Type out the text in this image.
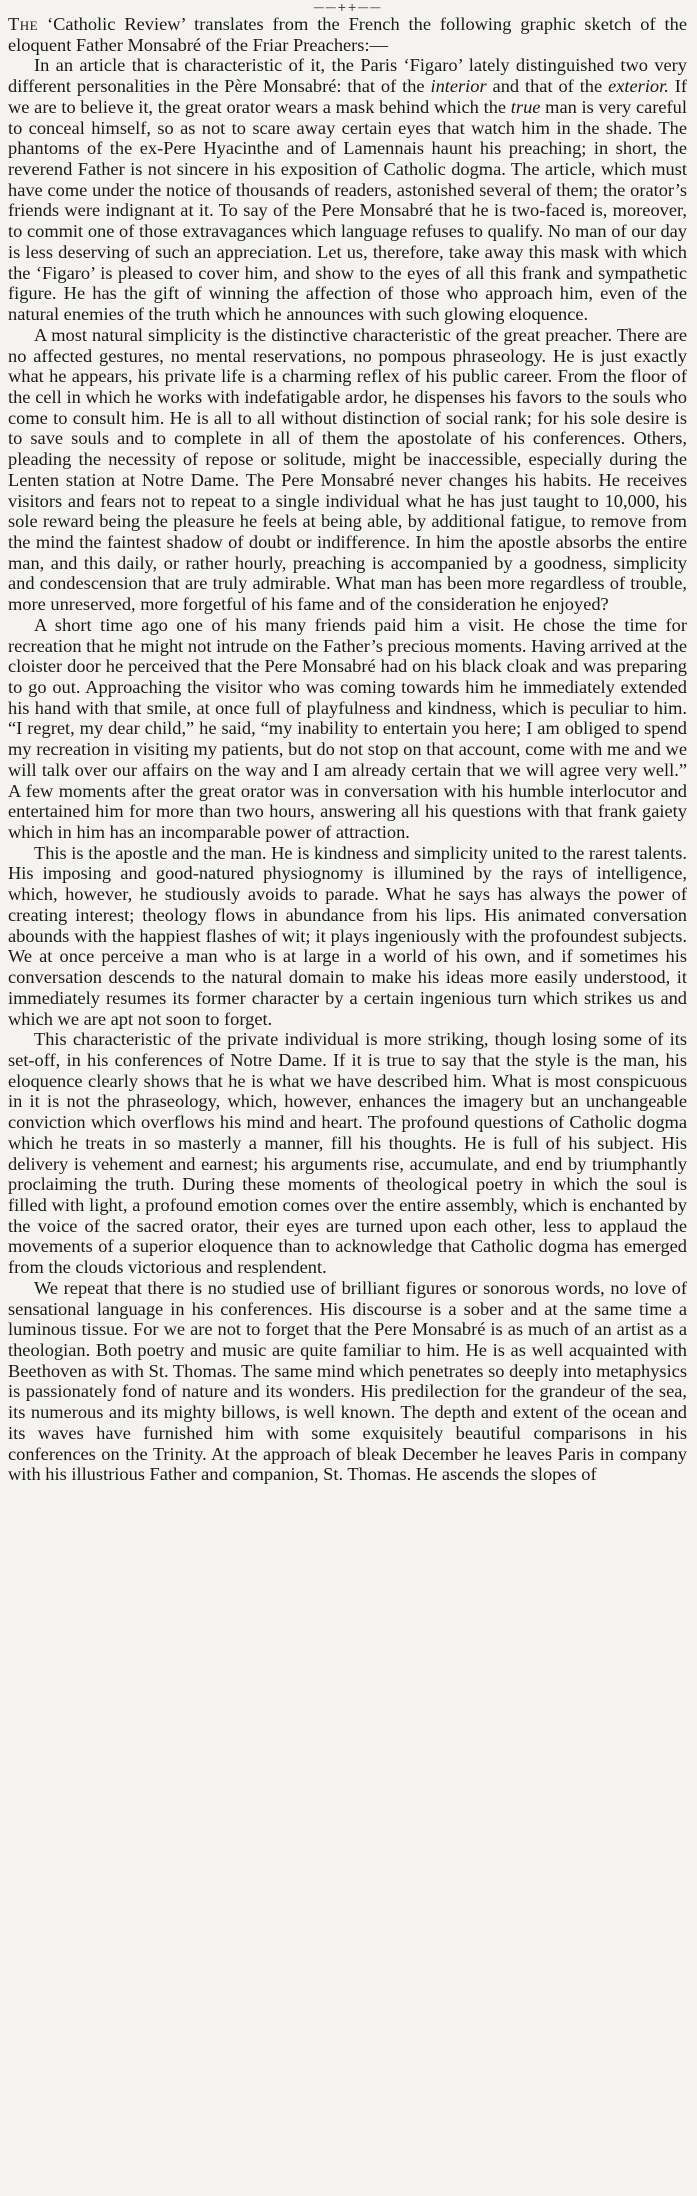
——++——

The ‘Catholic Review’ translates from the French the following graphic sketch of the eloquent Father Monsabré of the Friar Preachers:—

In an article that is characteristic of it, the Paris ‘Figaro’ lately distinguished two very different personalities in the Père Monsabré: that of the interior and that of the exterior. If we are to believe it, the great orator wears a mask behind which the true man is very careful to conceal himself, so as not to scare away certain eyes that watch him in the shade. The phantoms of the ex-Pere Hyacinthe and of Lamennais haunt his preaching; in short, the reverend Father is not sincere in his exposition of Catholic dogma. The article, which must have come under the notice of thousands of readers, astonished several of them; the orator’s friends were indignant at it. To say of the Pere Monsabré that he is two-faced is, moreover, to commit one of those extravagances which language refuses to qualify. No man of our day is less deserving of such an appreciation. Let us, therefore, take away this mask with which the ‘Figaro’ is pleased to cover him, and show to the eyes of all this frank and sympathetic figure. He has the gift of winning the affection of those who approach him, even of the natural enemies of the truth which he announces with such glowing eloquence.

A most natural simplicity is the distinctive characteristic of the great preacher. There are no affected gestures, no mental reservations, no pompous phraseology. He is just exactly what he appears, his private life is a charming reflex of his public career. From the floor of the cell in which he works with indefatigable ardor, he dispenses his favors to the souls who come to consult him. He is all to all without distinction of social rank; for his sole desire is to save souls and to complete in all of them the apostolate of his conferences. Others, pleading the necessity of repose or solitude, might be inaccessible, especially during the Lenten station at Notre Dame. The Pere Monsabré never changes his habits. He receives visitors and fears not to repeat to a single individual what he has just taught to 10,000, his sole reward being the pleasure he feels at being able, by additional fatigue, to remove from the mind the faintest shadow of doubt or indifference. In him the apostle absorbs the entire man, and this daily, or rather hourly, preaching is accompanied by a goodness, simplicity and condescension that are truly admirable. What man has been more regardless of trouble, more unreserved, more forgetful of his fame and of the consideration he enjoyed?

A short time ago one of his many friends paid him a visit. He chose the time for recreation that he might not intrude on the Father’s precious moments. Having arrived at the cloister door he perceived that the Pere Monsabré had on his black cloak and was preparing to go out. Approaching the visitor who was coming towards him he immediately extended his hand with that smile, at once full of playfulness and kindness, which is peculiar to him. “I regret, my dear child,” he said, “my inability to entertain you here; I am obliged to spend my recreation in visiting my patients, but do not stop on that account, come with me and we will talk over our affairs on the way and I am already certain that we will agree very well.” A few moments after the great orator was in conversation with his humble interlocutor and entertained him for more than two hours, answering all his questions with that frank gaiety which in him has an incomparable power of attraction.

This is the apostle and the man. He is kindness and simplicity united to the rarest talents. His imposing and good-natured physiognomy is illumined by the rays of intelligence, which, however, he studiously avoids to parade. What he says has always the power of creating interest; theology flows in abundance from his lips. His animated conversation abounds with the happiest flashes of wit; it plays ingeniously with the profoundest subjects. We at once perceive a man who is at large in a world of his own, and if sometimes his conversation descends to the natural domain to make his ideas more easily understood, it immediately resumes its former character by a certain ingenious turn which strikes us and which we are apt not soon to forget.

This characteristic of the private individual is more striking, though losing some of its set-off, in his conferences of Notre Dame. If it is true to say that the style is the man, his eloquence clearly shows that he is what we have described him. What is most conspicuous in it is not the phraseology, which, however, enhances the imagery but an unchangeable conviction which overflows his mind and heart. The profound questions of Catholic dogma which he treats in so masterly a manner, fill his thoughts. He is full of his subject. His delivery is vehement and earnest; his arguments rise, accumulate, and end by triumphantly proclaiming the truth. During these moments of theological poetry in which the soul is filled with light, a profound emotion comes over the entire assembly, which is enchanted by the voice of the sacred orator, their eyes are turned upon each other, less to applaud the movements of a superior eloquence than to acknowledge that Catholic dogma has emerged from the clouds victorious and resplendent.

We repeat that there is no studied use of brilliant figures or sonorous words, no love of sensational language in his conferences. His discourse is a sober and at the same time a luminous tissue. For we are not to forget that the Pere Monsabré is as much of an artist as a theologian. Both poetry and music are quite familiar to him. He is as well acquainted with Beethoven as with St. Thomas. The same mind which penetrates so deeply into metaphysics is passionately fond of nature and its wonders. His predilection for the grandeur of the sea, its numerous and its mighty billows, is well known. The depth and extent of the ocean and its waves have furnished him with some exquisitely beautiful comparisons in his conferences on the Trinity. At the approach of bleak December he leaves Paris in company with his illustrious Father and companion, St. Thomas. He ascends the slopes of
